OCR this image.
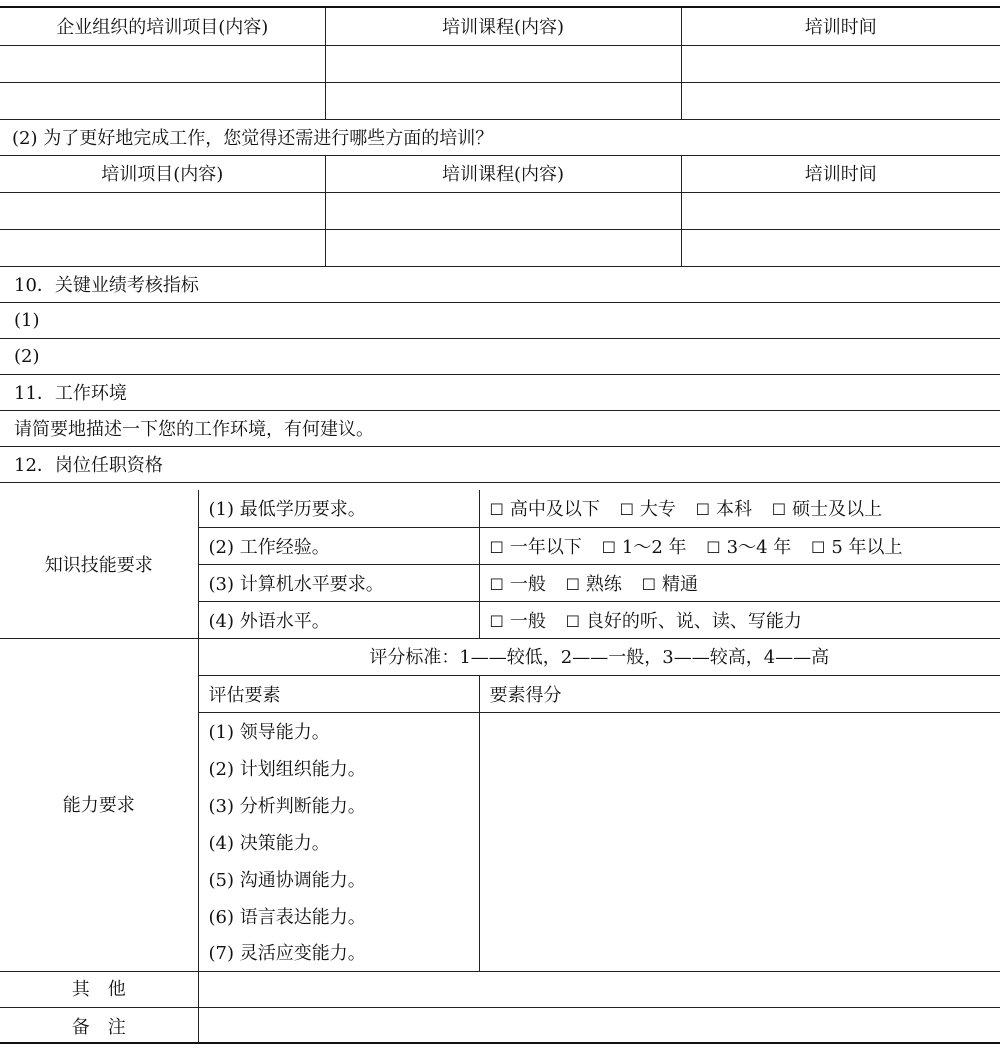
企业组织的培训项目(内容)	培训课程(内容)	培训时间

(2) 为了更好地完成工作，您觉得还需进行哪些方面的培训？
培训项目(内容)	培训课程(内容)	培训时间

10．关键业绩考核指标
(1)
(2)
11．工作环境
请简要地描述一下您的工作环境，有何建议。
12．岗位任职资格
知识技能要求	(1) 最低学历要求。	☐ 高中及以下 ☐ 大专 ☐ 本科 ☐ 硕士及以上
	(2) 工作经验。	☐ 一年以下 ☐ 1～2 年 ☐ 3～4 年 ☐ 5 年以上
	(3) 计算机水平要求。	☐ 一般 ☐ 熟练 ☐ 精通
	(4) 外语水平。	☐ 一般 ☐ 良好的听、说、读、写能力
能力要求	评分标准：1——较低，2——一般，3——较高，4——高	
	评估要素	要素得分
	(1) 领导能力。	
	(2) 计划组织能力。	
	(3) 分析判断能力。	
	(4) 决策能力。	
	(5) 沟通协调能力。	
	(6) 语言表达能力。	
	(7) 灵活应变能力。	
其　他	
备　注	
